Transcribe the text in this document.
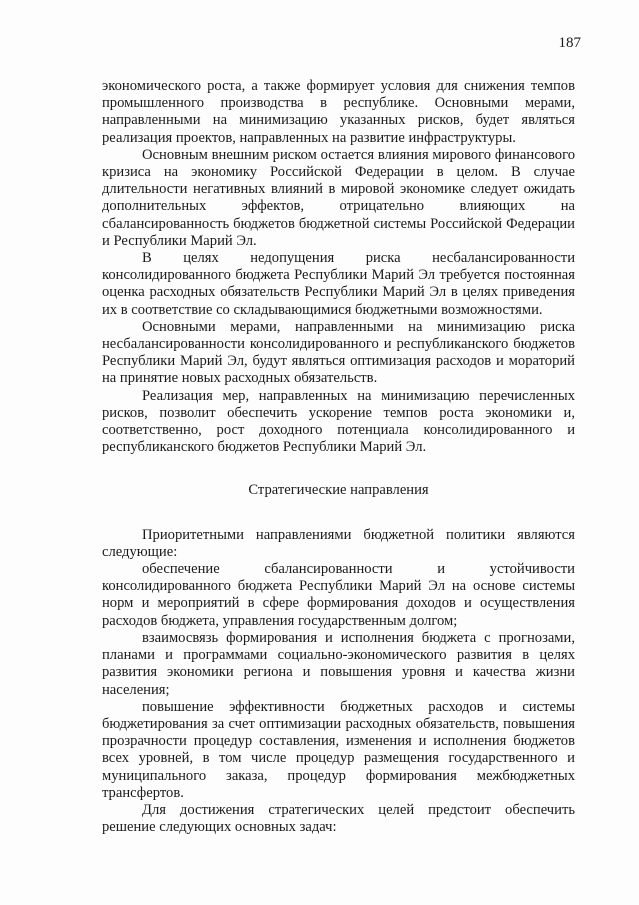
187

экономического роста, а также формирует условия для снижения темпов промышленного производства в республике. Основными мерами, направленными на минимизацию указанных рисков, будет являться реализация проектов, направленных на развитие инфраструктуры.

Основным внешним риском остается влияния мирового финансового кризиса на экономику Российской Федерации в целом. В случае длительности негативных влияний в мировой экономике следует ожидать дополнительных эффектов, отрицательно влияющих на сбалансированность бюджетов бюджетной системы Российской Федерации и Республики Марий Эл.

В целях недопущения риска несбалансированности консолидированного бюджета Республики Марий Эл требуется постоянная оценка расходных обязательств Республики Марий Эл в целях приведения их в соответствие со складывающимися бюджетными возможностями.

Основными мерами, направленными на минимизацию риска несбалансированности консолидированного и республиканского бюджетов Республики Марий Эл, будут являться оптимизация расходов и мораторий на принятие новых расходных обязательств.

Реализация мер, направленных на минимизацию перечисленных рисков, позволит обеспечить ускорение темпов роста экономики и, соответственно, рост доходного потенциала консолидированного и республиканского бюджетов Республики Марий Эл.

Стратегические направления

Приоритетными направлениями бюджетной политики являются следующие:

обеспечение сбалансированности и устойчивости консолидированного бюджета Республики Марий Эл на основе системы норм и мероприятий в сфере формирования доходов и осуществления расходов бюджета, управления государственным долгом;

взаимосвязь формирования и исполнения бюджета с прогнозами, планами и программами социально-экономического развития в целях развития экономики региона и повышения уровня и качества жизни населения;

повышение эффективности бюджетных расходов и системы бюджетирования за счет оптимизации расходных обязательств, повышения прозрачности процедур составления, изменения и исполнения бюджетов всех уровней, в том числе процедур размещения государственного и муниципального заказа, процедур формирования межбюджетных трансфертов.

Для достижения стратегических целей предстоит обеспечить решение следующих основных задач:
